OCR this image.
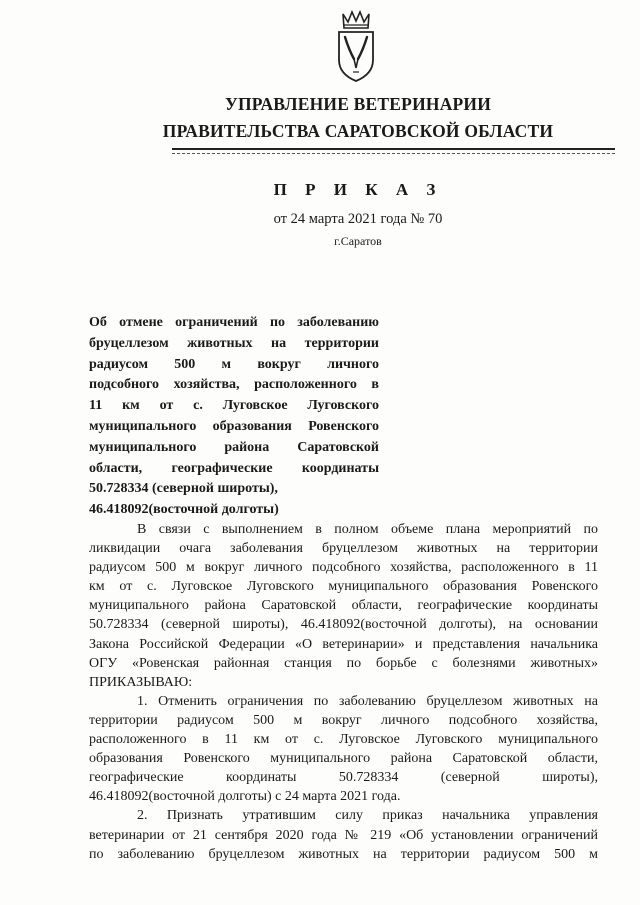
УПРАВЛЕНИЕ ВЕТЕРИНАРИИ
ПРАВИТЕЛЬСТВА САРАТОВСКОЙ ОБЛАСТИ
П Р И К А З
от 24 марта 2021 года № 70
г.Саратов
Об отмене ограничений по заболеванию
бруцеллезом животных на территории
радиусом 500 м вокруг личного
подсобного хозяйства, расположенного в
11 км от с. Луговское Луговского
муниципального образования Ровенского
муниципального района Саратовской
области, географические координаты
50.728334 (северной широты),
46.418092(восточной долготы)
В связи с выполнением в полном объеме плана мероприятий по
ликвидации очага заболевания бруцеллезом животных на территории
радиусом 500 м вокруг личного подсобного хозяйства, расположенного в 11
км от с. Луговское Луговского муниципального образования Ровенского
муниципального района Саратовской области, географические координаты
50.728334 (северной широты), 46.418092(восточной долготы), на основании
Закона Российской Федерации «О ветеринарии» и представления начальника
ОГУ «Ровенская районная станция по борьбе с болезнями животных»
ПРИКАЗЫВАЮ:
1. Отменить ограничения по заболеванию бруцеллезом животных на
территории радиусом 500 м вокруг личного подсобного хозяйства,
расположенного в 11 км от с. Луговское Луговского муниципального
образования Ровенского муниципального района Саратовской области,
географические координаты 50.728334 (северной широты),
46.418092(восточной долготы) с 24 марта 2021 года.
2. Признать утратившим силу приказ начальника управления
ветеринарии от 21 сентября 2020 года № 219 «Об установлении ограничений
по заболеванию бруцеллезом животных на территории радиусом 500 м
